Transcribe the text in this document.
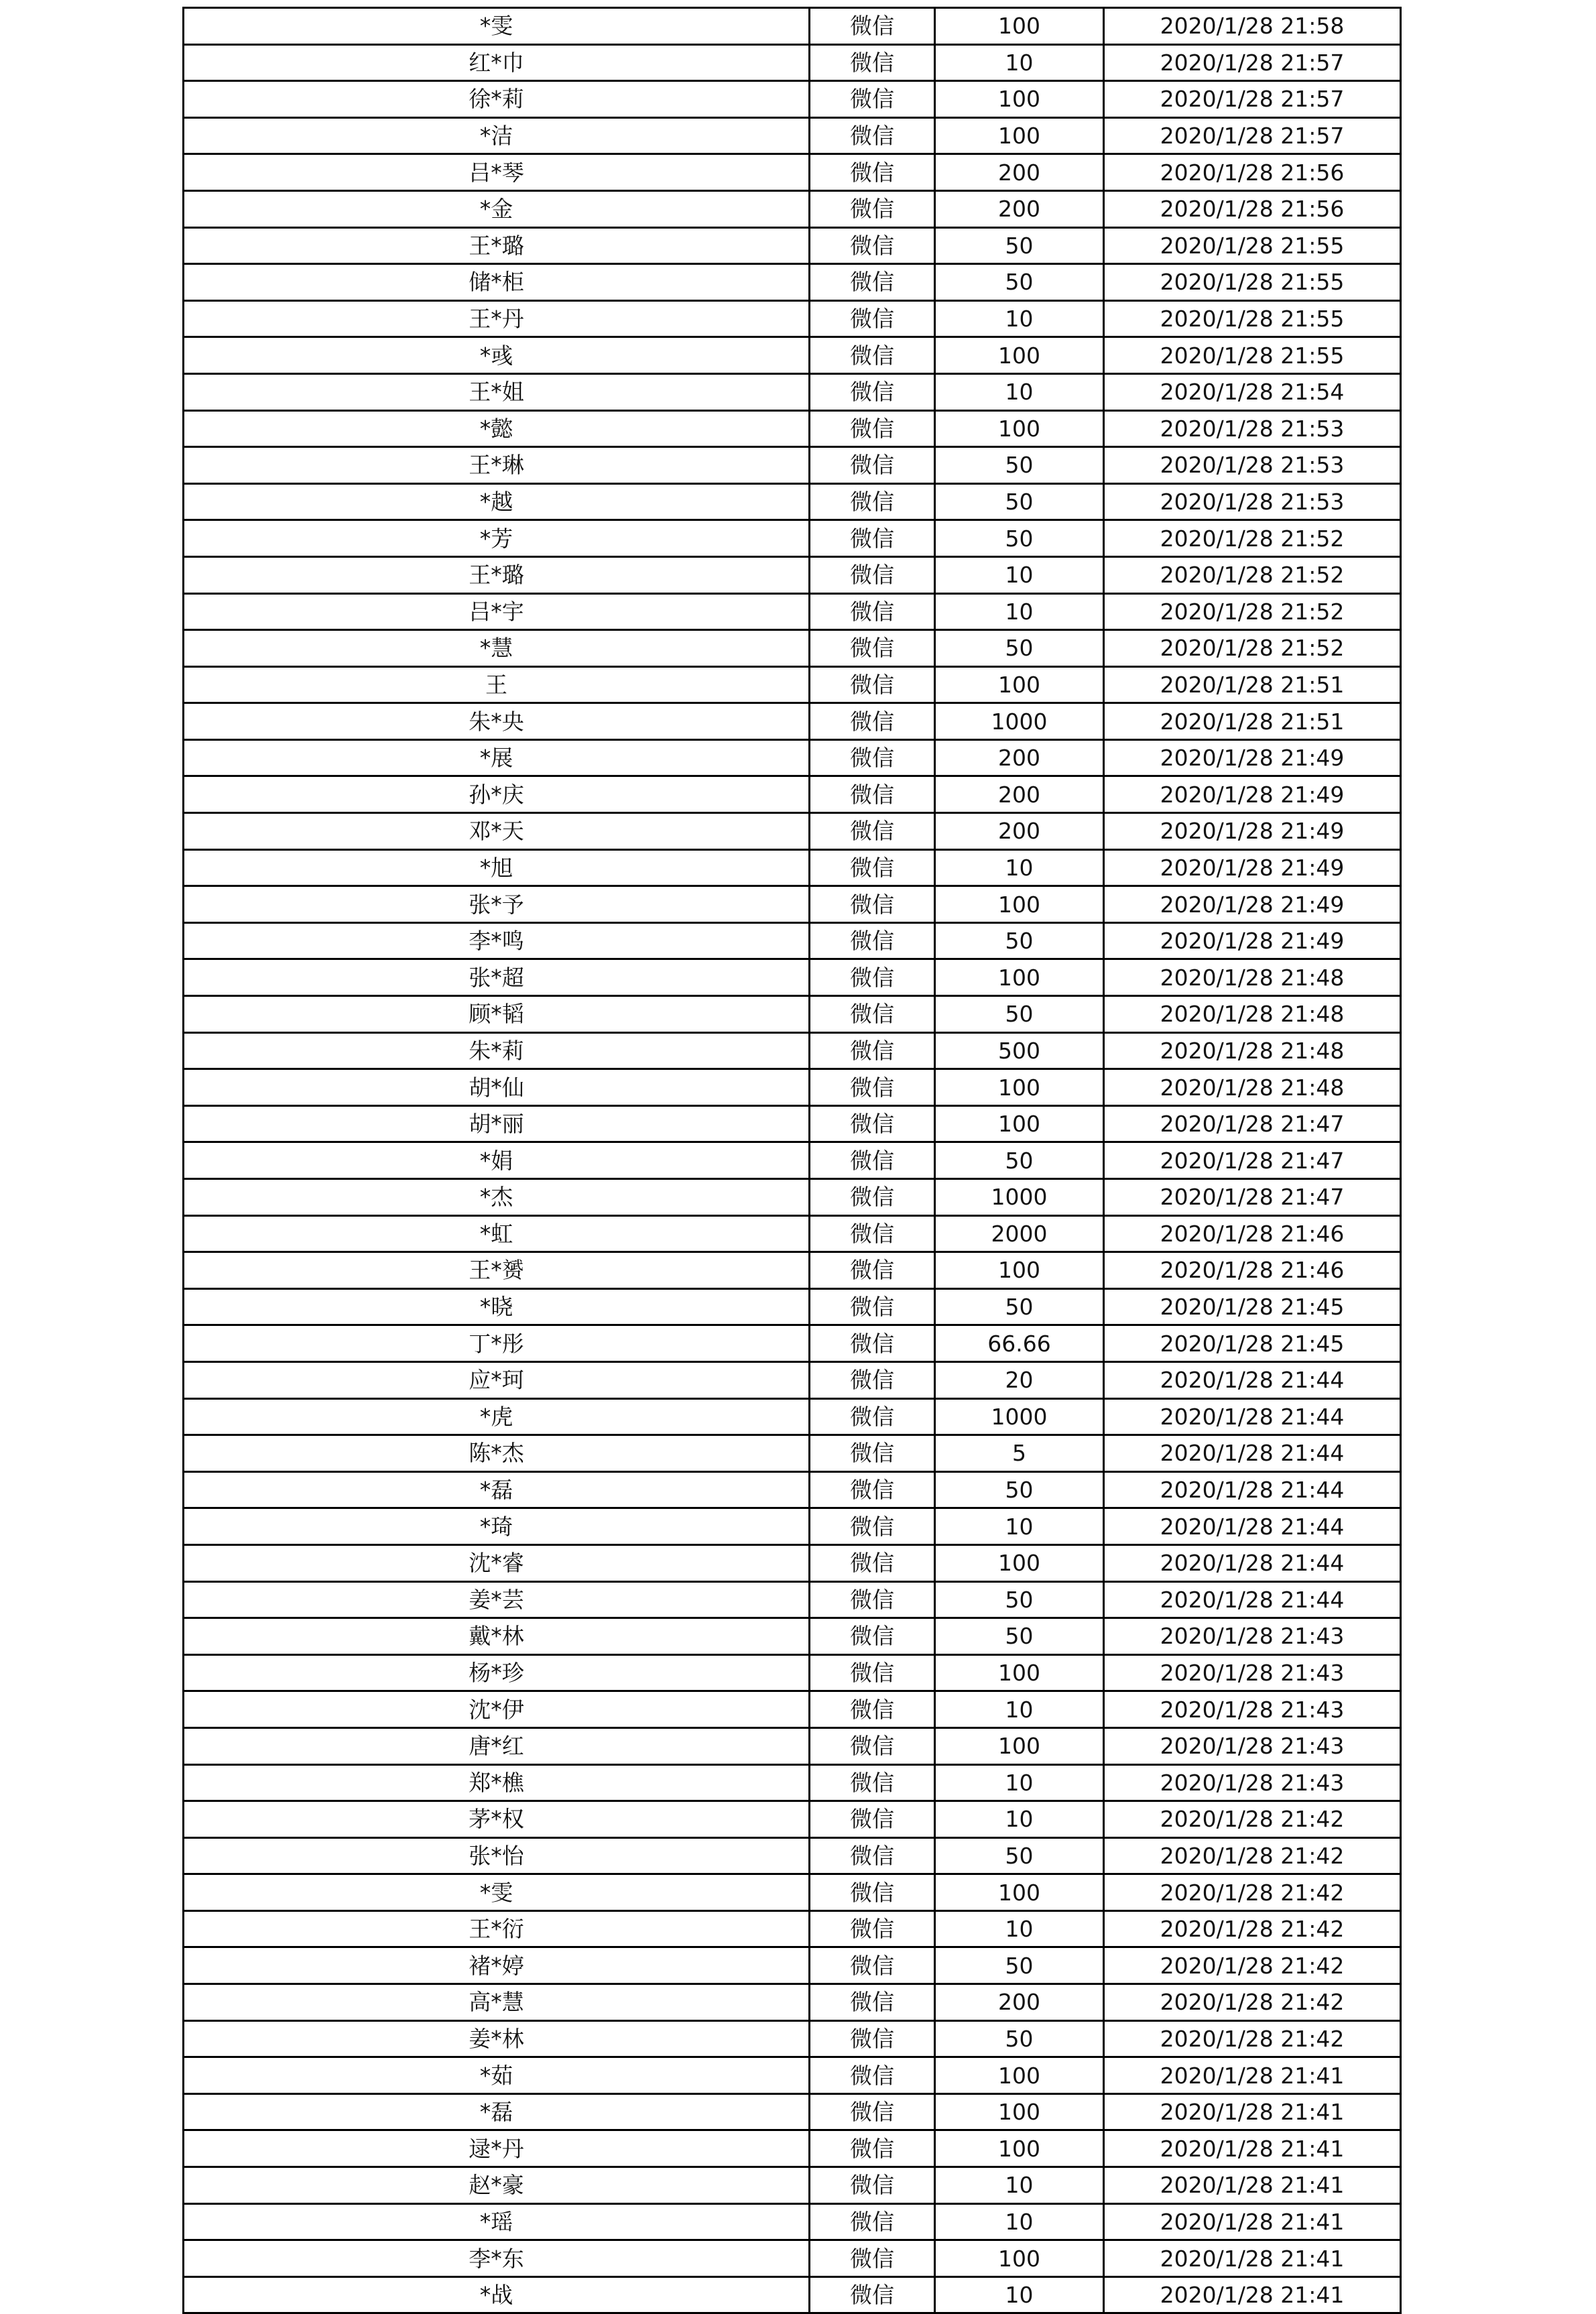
*雯	微信	100	2020/1/28 21:58
红*巾	微信	10	2020/1/28 21:57
徐*莉	微信	100	2020/1/28 21:57
*洁	微信	100	2020/1/28 21:57
吕*琴	微信	200	2020/1/28 21:56
*金	微信	200	2020/1/28 21:56
王*璐	微信	50	2020/1/28 21:55
储*柜	微信	50	2020/1/28 21:55
王*丹	微信	10	2020/1/28 21:55
*彧	微信	100	2020/1/28 21:55
王*姐	微信	10	2020/1/28 21:54
*懿	微信	100	2020/1/28 21:53
王*琳	微信	50	2020/1/28 21:53
*越	微信	50	2020/1/28 21:53
*芳	微信	50	2020/1/28 21:52
王*璐	微信	10	2020/1/28 21:52
吕*宇	微信	10	2020/1/28 21:52
*慧	微信	50	2020/1/28 21:52
王	微信	100	2020/1/28 21:51
朱*央	微信	1000	2020/1/28 21:51
*展	微信	200	2020/1/28 21:49
孙*庆	微信	200	2020/1/28 21:49
邓*天	微信	200	2020/1/28 21:49
*旭	微信	10	2020/1/28 21:49
张*予	微信	100	2020/1/28 21:49
李*鸣	微信	50	2020/1/28 21:49
张*超	微信	100	2020/1/28 21:48
顾*韬	微信	50	2020/1/28 21:48
朱*莉	微信	500	2020/1/28 21:48
胡*仙	微信	100	2020/1/28 21:48
胡*丽	微信	100	2020/1/28 21:47
*娟	微信	50	2020/1/28 21:47
*杰	微信	1000	2020/1/28 21:47
*虹	微信	2000	2020/1/28 21:46
王*赟	微信	100	2020/1/28 21:46
*晓	微信	50	2020/1/28 21:45
丁*彤	微信	66.66	2020/1/28 21:45
应*珂	微信	20	2020/1/28 21:44
*虎	微信	1000	2020/1/28 21:44
陈*杰	微信	5	2020/1/28 21:44
*磊	微信	50	2020/1/28 21:44
*琦	微信	10	2020/1/28 21:44
沈*睿	微信	100	2020/1/28 21:44
姜*芸	微信	50	2020/1/28 21:44
戴*林	微信	50	2020/1/28 21:43
杨*珍	微信	100	2020/1/28 21:43
沈*伊	微信	10	2020/1/28 21:43
唐*红	微信	100	2020/1/28 21:43
郑*樵	微信	10	2020/1/28 21:43
茅*权	微信	10	2020/1/28 21:42
张*怡	微信	50	2020/1/28 21:42
*雯	微信	100	2020/1/28 21:42
王*衍	微信	10	2020/1/28 21:42
褚*婷	微信	50	2020/1/28 21:42
高*慧	微信	200	2020/1/28 21:42
姜*林	微信	50	2020/1/28 21:42
*茹	微信	100	2020/1/28 21:41
*磊	微信	100	2020/1/28 21:41
逯*丹	微信	100	2020/1/28 21:41
赵*豪	微信	10	2020/1/28 21:41
*瑶	微信	10	2020/1/28 21:41
李*东	微信	100	2020/1/28 21:41
*战	微信	10	2020/1/28 21:41
